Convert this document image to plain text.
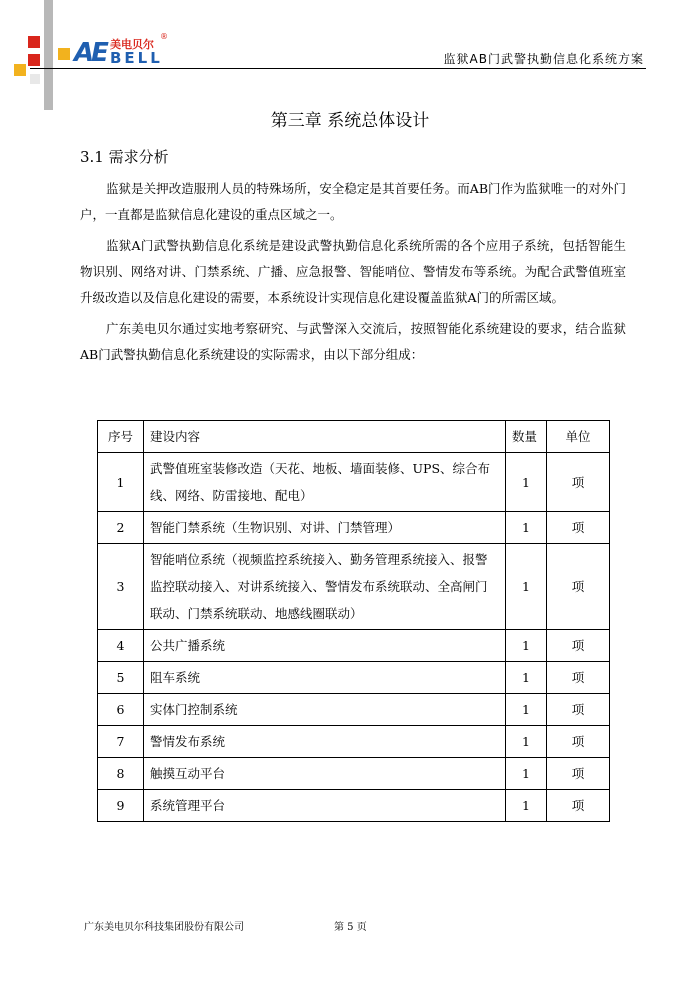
AE 美电贝尔
®
BELL	监狱AB门武警执勤信息化系统方案
第三章 系统总体设计
3.1 需求分析

监狱是关押改造服刑人员的特殊场所，安全稳定是其首要任务。而AB门作为监狱唯一的对外门户，一直都是监狱信息化建设的重点区域之一。

监狱A门武警执勤信息化系统是建设武警执勤信息化系统所需的各个应用子系统，包括智能生物识别、网络对讲、门禁系统、广播、应急报警、智能哨位、警情发布等系统。为配合武警值班室升级改造以及信息化建设的需要，本系统设计实现信息化建设覆盖监狱A门的所需区域。

广东美电贝尔通过实地考察研究、与武警深入交流后，按照智能化系统建设的要求，结合监狱AB门武警执勤信息化系统建设的实际需求，由以下部分组成：

序号	建设内容	数量	单位
1	武警值班室装修改造（天花、地板、墙面装修、UPS、综合布线、网络、防雷接地、配电）	1	项
2	智能门禁系统（生物识别、对讲、门禁管理）	1	项
3	智能哨位系统（视频监控系统接入、勤务管理系统接入、报警监控联动接入、对讲系统接入、警情发布系统联动、全高闸门联动、门禁系统联动、地感线圈联动）	1	项
4	公共广播系统	1	项
5	阻车系统	1	项
6	实体门控制系统	1	项
7	警情发布系统	1	项
8	触摸互动平台	1	项
9	系统管理平台	1	项
广东美电贝尔科技集团股份有限公司	第 5 页
